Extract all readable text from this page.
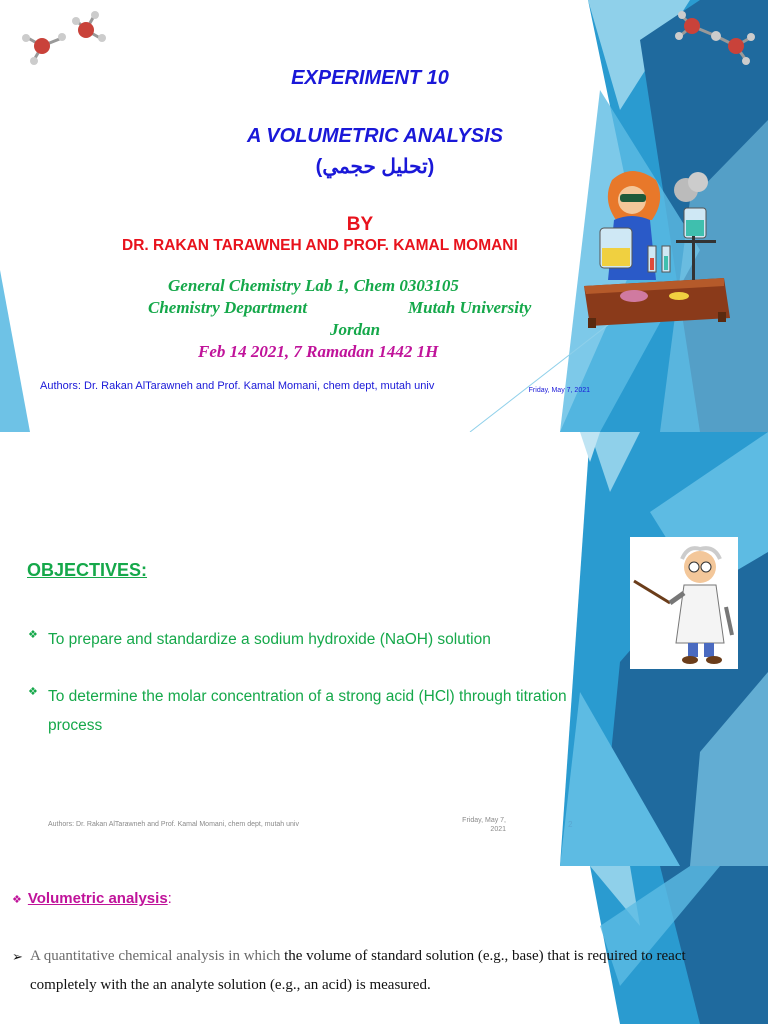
EXPERIMENT 10
A VOLUMETRIC ANALYSIS
(تحليل حجمي)
BY
DR. RAKAN TARAWNEH AND PROF. KAMAL MOMANI
General Chemistry Lab 1, Chem 0303105
Chemistry Department	Mutah University
Jordan
Feb 14 2021, 7 Ramadan 1442 1H
Authors: Dr. Rakan AlTarawneh and Prof. Kamal Momani, chem dept, mutah univ	Friday, May 7, 2021
OBJECTIVES:
❖ To prepare and standardize a sodium hydroxide (NaOH) solution
❖ To determine the molar concentration of a strong acid (HCl) through titration process
Authors: Dr. Rakan AlTarawneh and Prof. Kamal Momani, chem dept, mutah univ
Friday, May 7, 2021
2
❖ Volumetric analysis:
➢ A quantitative chemical analysis in which the volume of standard solution (e.g., base) that is required to react completely with the an analyte solution (e.g., an acid) is measured.
